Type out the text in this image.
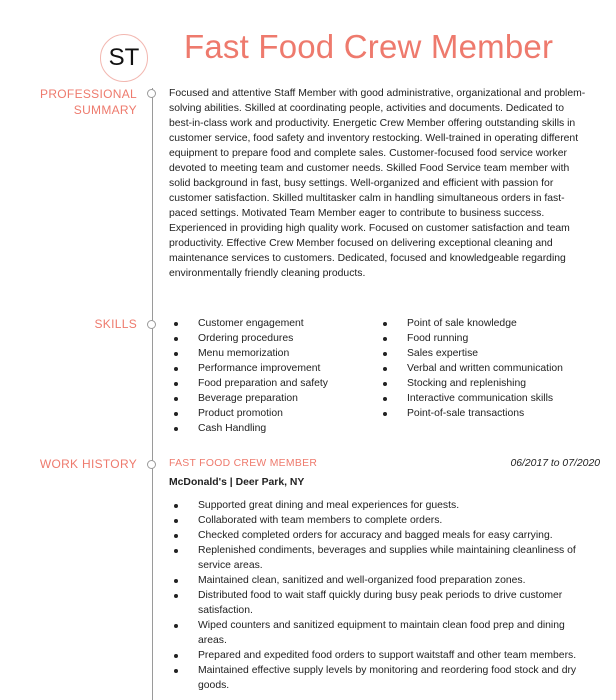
ST Fast Food Crew Member
PROFESSIONAL
SUMMARY

Focused and attentive Staff Member with good administrative, organizational and problem-solving abilities. Skilled at coordinating people, activities and documents. Dedicated to best-in-class work and productivity. Energetic Crew Member offering outstanding skills in customer service, food safety and inventory restocking. Well-trained in operating different equipment to prepare food and complete sales. Customer-focused food service worker devoted to meeting team and customer needs. Skilled Food Service team member with solid background in fast, busy settings. Well-organized and efficient with passion for customer satisfaction. Skilled multitasker calm in handling simultaneous orders in fast-paced settings. Motivated Team Member eager to contribute to business success. Experienced in providing high quality work. Focused on customer satisfaction and team productivity. Effective Crew Member focused on delivering exceptional cleaning and maintenance services to customers. Dedicated, focused and knowledgeable regarding environmentally friendly cleaning products.

SKILLS	Customer engagement
Ordering procedures
Menu memorization
Performance improvement
Food preparation and safety
Beverage preparation
Product promotion
Cash Handling
Point of sale knowledge
Food running
Sales expertise
Verbal and written communication
Stocking and replenishing
Interactive communication skills
Point-of-sale transactions
WORK HISTORY	FAST FOOD CREW MEMBER	06/2017 to 07/2020
McDonald's | Deer Park, NY
Supported great dining and meal experiences for guests.
Collaborated with team members to complete orders.
Checked completed orders for accuracy and bagged meals for easy carrying.
Replenished condiments, beverages and supplies while maintaining cleanliness of service areas.
Maintained clean, sanitized and well-organized food preparation zones.
Distributed food to wait staff quickly during busy peak periods to drive customer satisfaction.
Wiped counters and sanitized equipment to maintain clean food prep and dining areas.
Prepared and expedited food orders to support waitstaff and other team members.
Maintained effective supply levels by monitoring and reordering food stock and dry goods.
